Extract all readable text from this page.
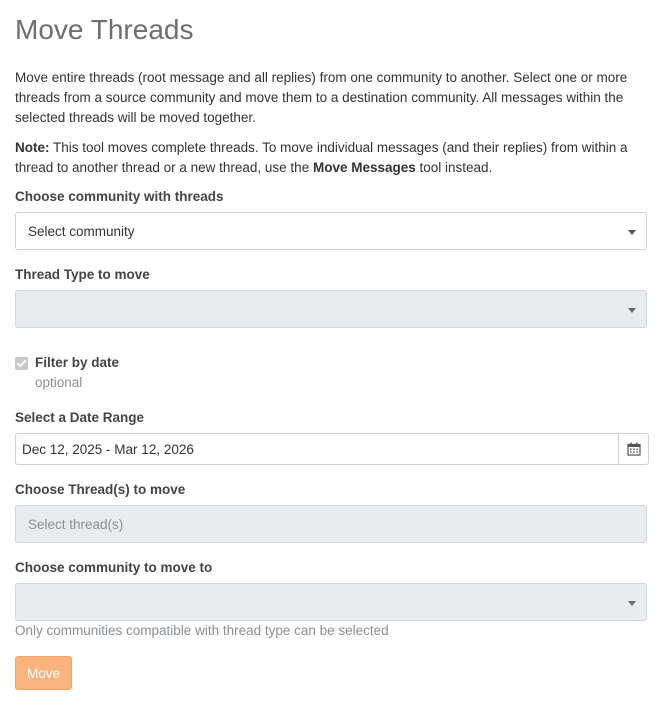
Move Threads
Move entire threads (root message and all replies) from one community to another. Select one or more threads from a source community and move them to a destination community. All messages within the selected threads will be moved together.
Note: This tool moves complete threads. To move individual messages (and their replies) from within a thread to another thread or a new thread, use the Move Messages tool instead.
Choose community with threads
Select community
Thread Type to move
Filter by date
optional
Select a Date Range
Dec 12, 2025 - Mar 12, 2026
Choose Thread(s) to move
Select thread(s)
Choose community to move to
Only communities compatible with thread type can be selected
Move
